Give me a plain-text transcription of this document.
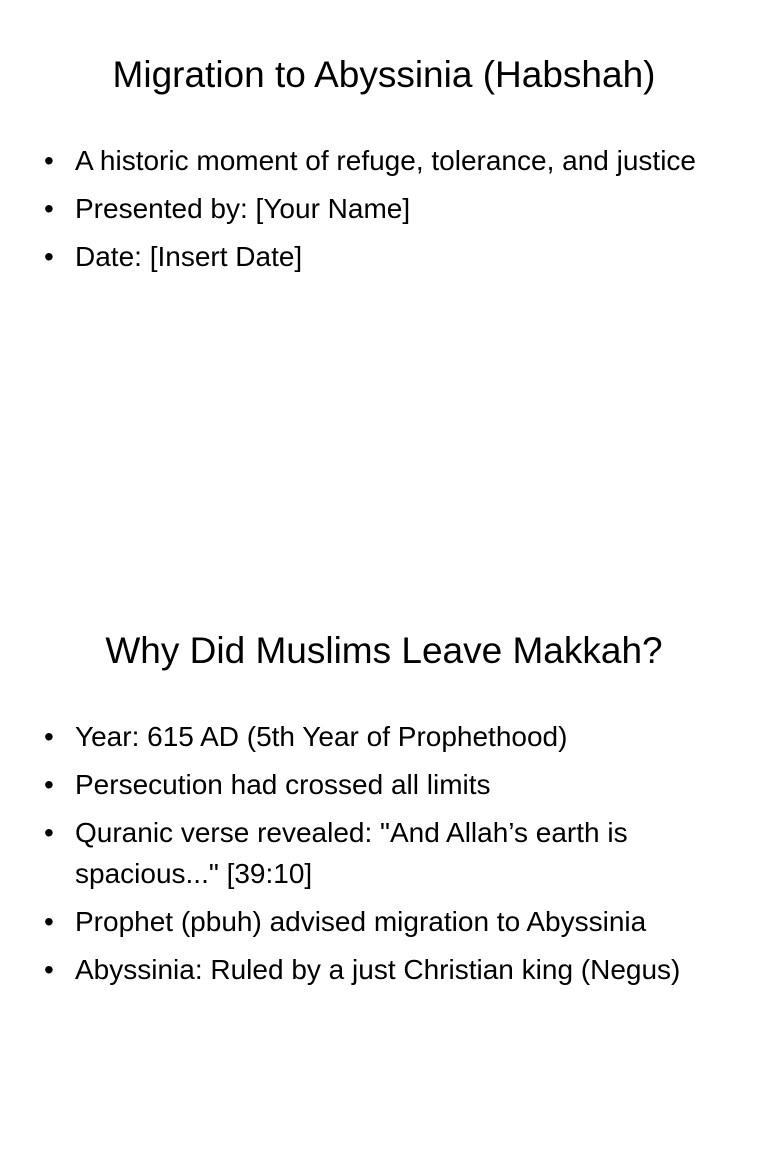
Migration to Abyssinia (Habshah)
• A historic moment of refuge, tolerance, and justice
• Presented by: [Your Name]
• Date: [Insert Date]
Why Did Muslims Leave Makkah?
• Year: 615 AD (5th Year of Prophethood)
• Persecution had crossed all limits
• Quranic verse revealed: "And Allah’s earth is spacious..." [39:10]
• Prophet (pbuh) advised migration to Abyssinia
• Abyssinia: Ruled by a just Christian king (Negus)
